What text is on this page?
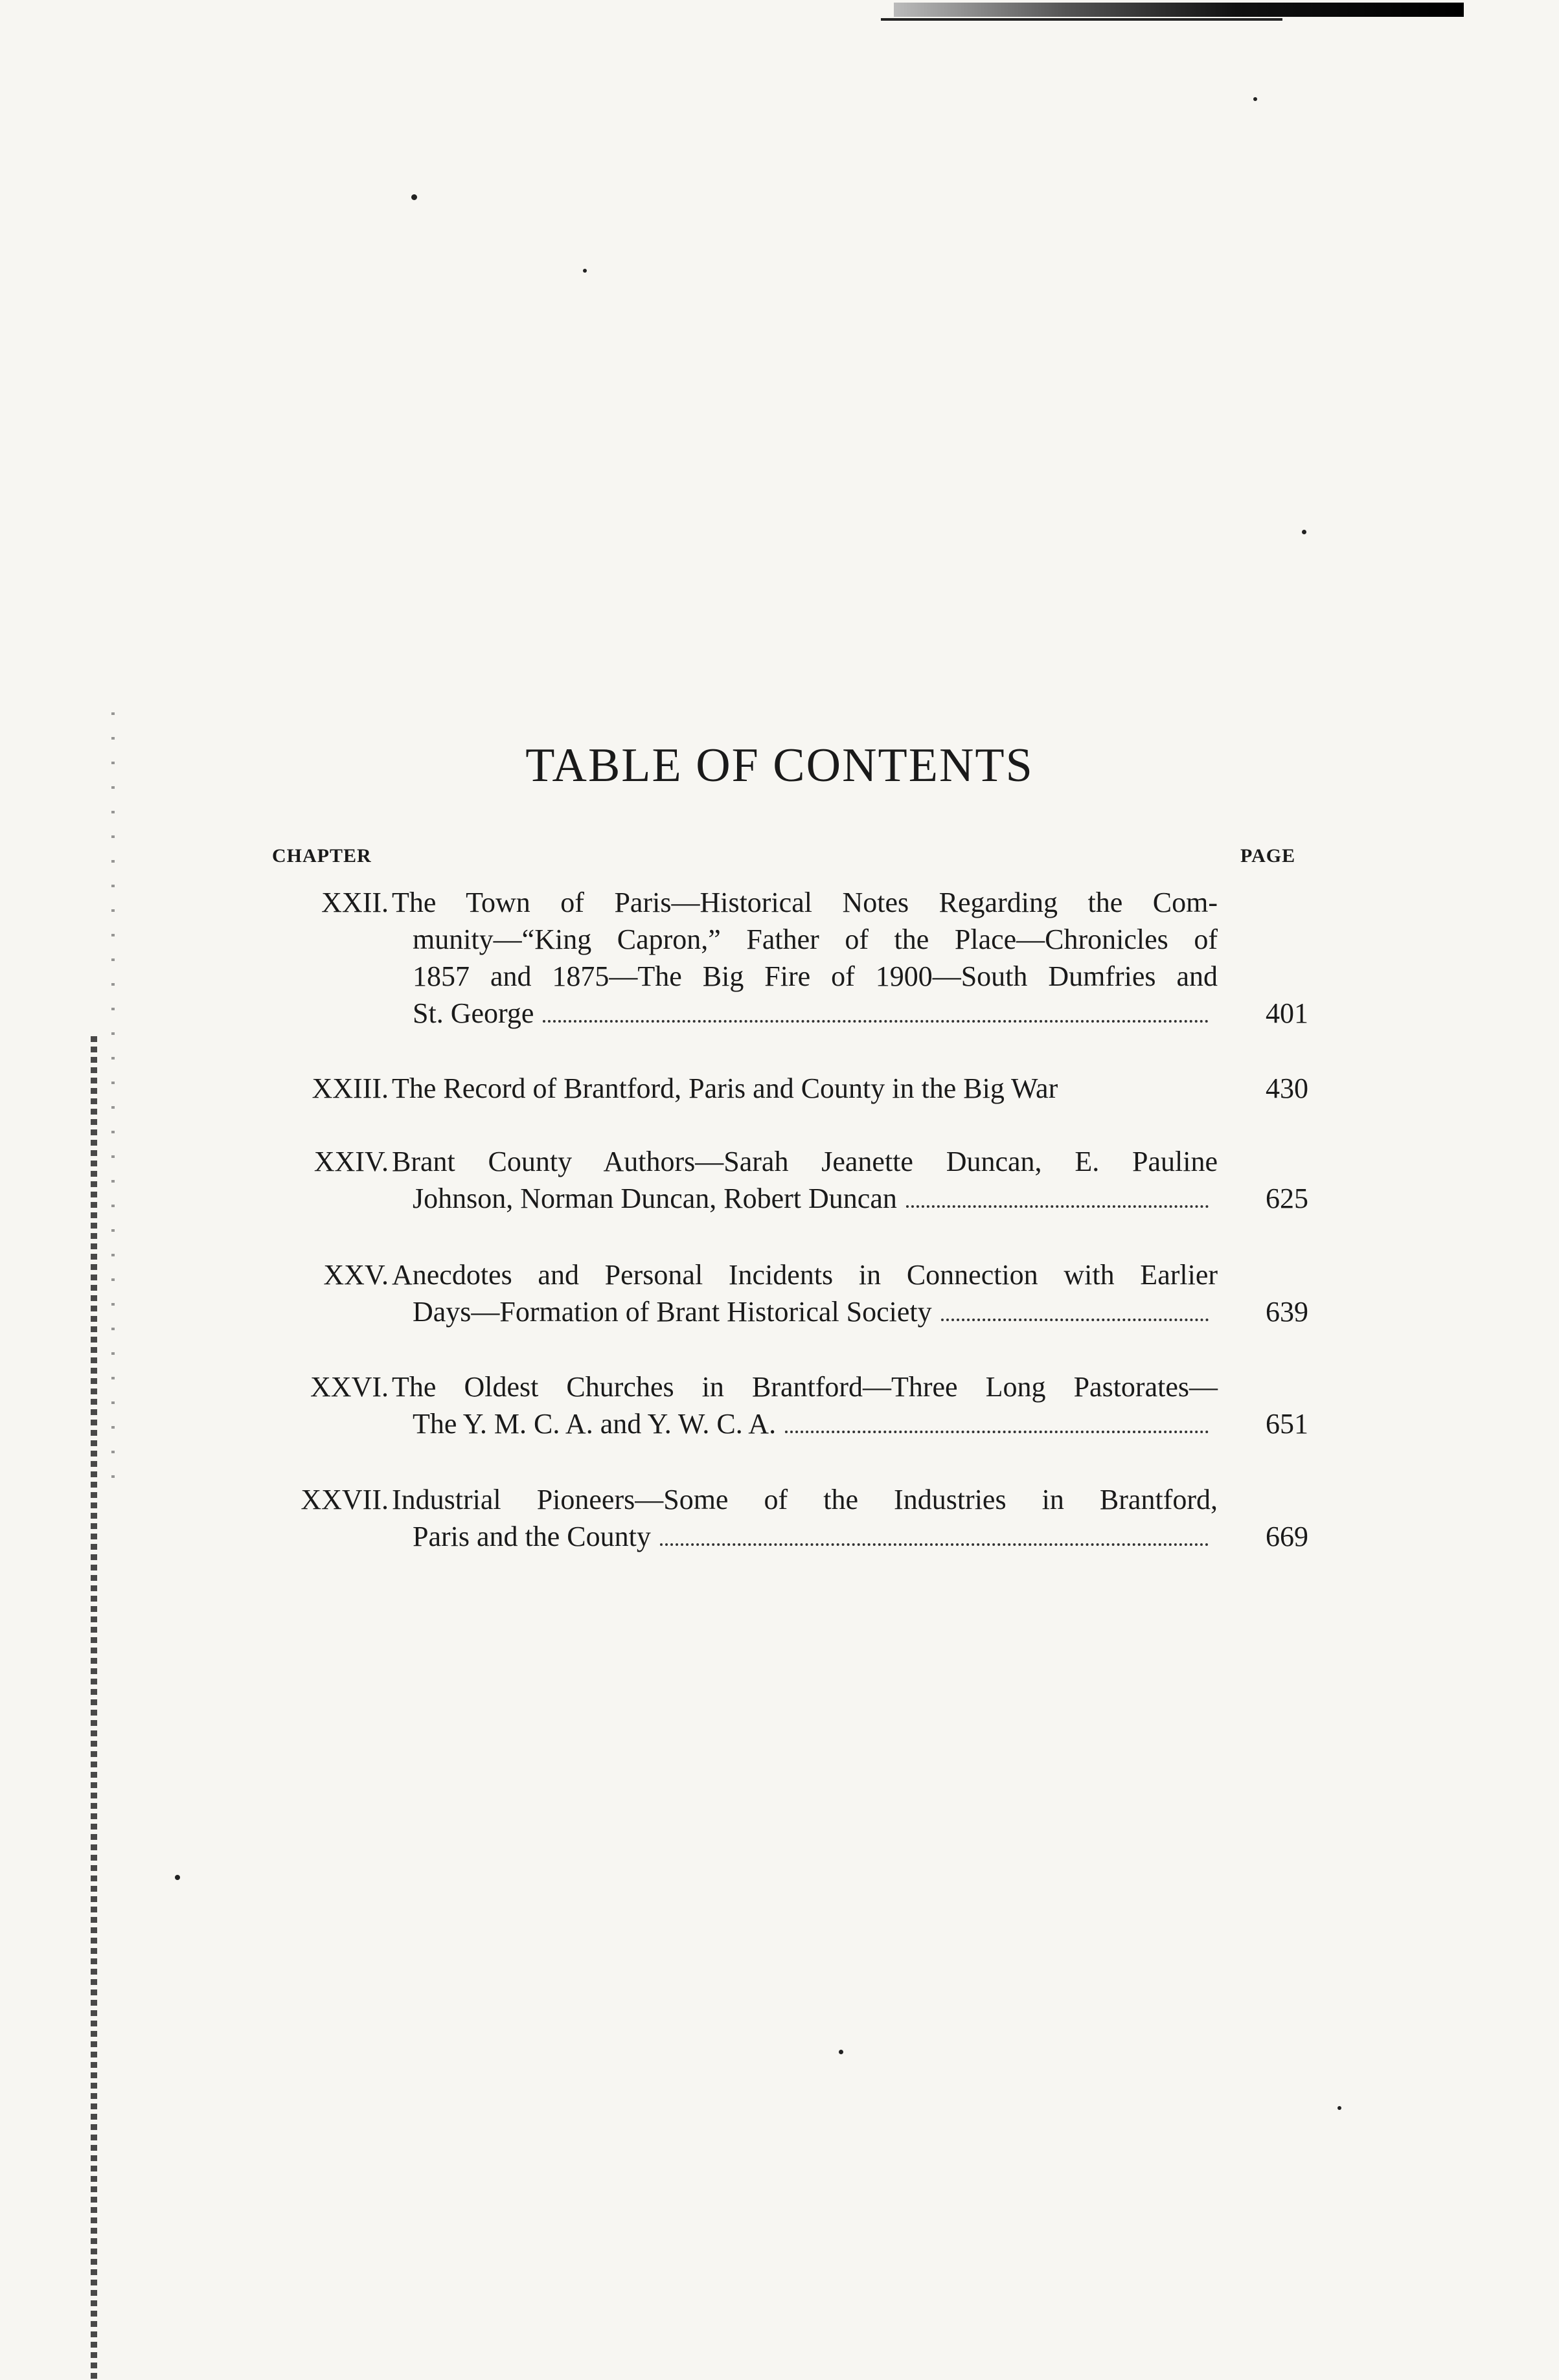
TABLE OF CONTENTS
CHAPTER	PAGE
XXII. The Town of Paris—Historical Notes Regarding the Com-
munity—“King Capron,” Father of the Place—Chronicles of
1857 and 1875—The Big Fire of 1900—South Dumfries and
St. George	401
XXIII. The Record of Brantford, Paris and County in the Big War	430
XXIV. Brant County Authors—Sarah Jeanette Duncan, E. Pauline
Johnson, Norman Duncan, Robert Duncan	625
XXV. Anecdotes and Personal Incidents in Connection with Earlier
Days—Formation of Brant Historical Society	639
XXVI. The Oldest Churches in Brantford—Three Long Pastorates—
The Y. M. C. A. and Y. W. C. A.	651
XXVII. Industrial Pioneers—Some of the Industries in Brantford,
Paris and the County	669
